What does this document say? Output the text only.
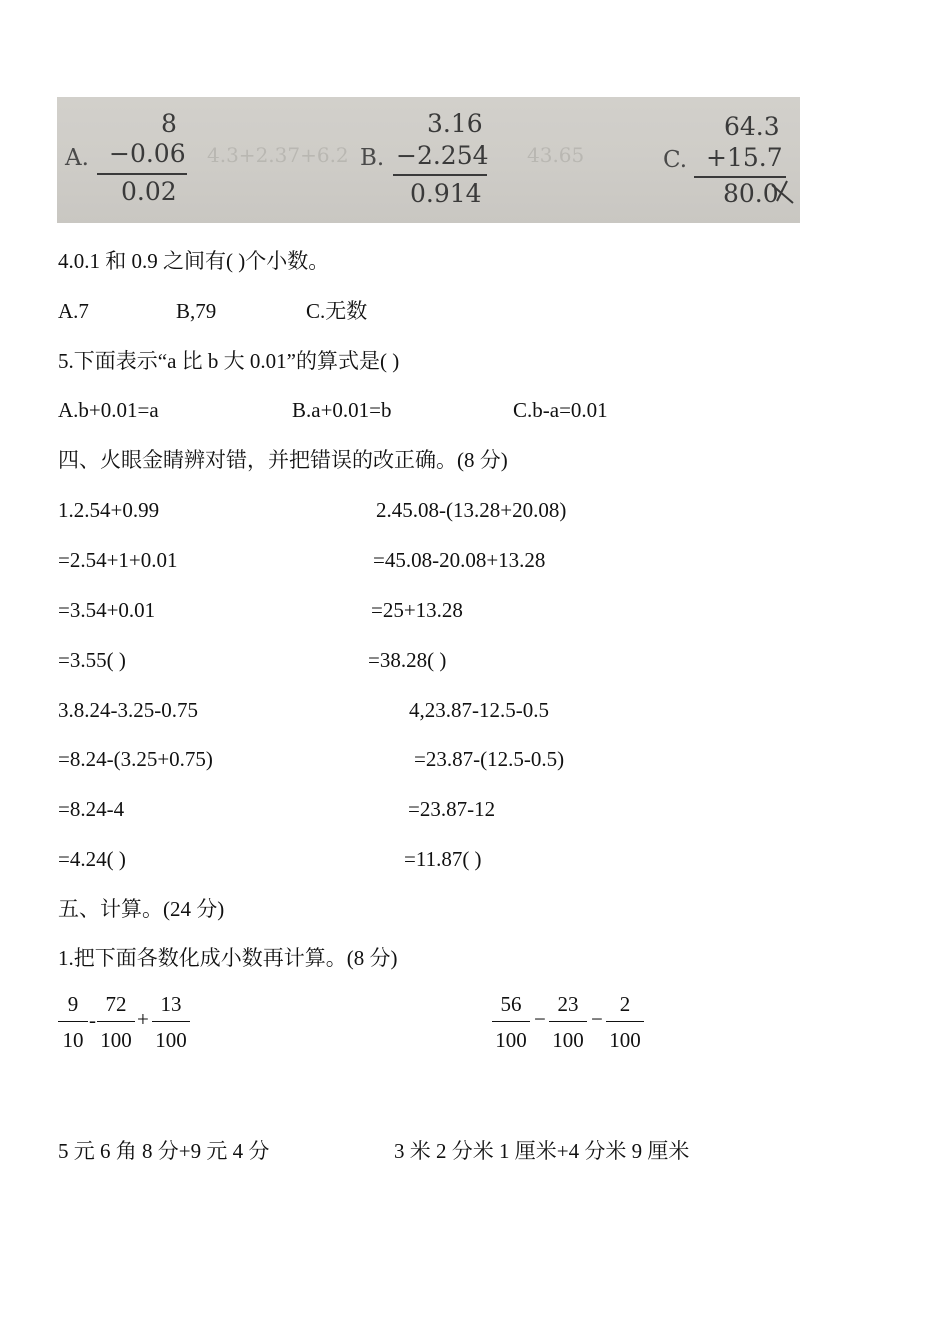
4.3+2.37+6.2	43.65
A.
8
−0.06
0.02
B.
3.16
−2.254
0.914
C.
64.3
+15.7
80.0
4.0.1 和 0.9 之间有( )个小数。
A.7	B,79	C.无数
5.下面表示“a 比 b 大 0.01”的算式是( )
A.b+0.01=a	B.a+0.01=b	C.b-a=0.01
四、火眼金睛辨对错，并把错误的改正确。(8 分)
1.2.54+0.99
=2.54+1+0.01
=3.54+0.01
=3.55( )
2.45.08-(13.28+20.08)
=45.08-20.08+13.28
=25+13.28
=38.28( )
3.8.24-3.25-0.75
=8.24-(3.25+0.75)
=8.24-4
=4.24( )
4,23.87-12.5-0.5
=23.87-(12.5-0.5)
=23.87-12
=11.87( )
五、计算。(24 分)
1.把下面各数化成小数再计算。(8 分)
9
10
-
72
100
+
13
100
56
100
−
23
100
−
2
100
5 元 6 角 8 分+9 元 4 分	3 米 2 分米 1 厘米+4 分米 9 厘米
